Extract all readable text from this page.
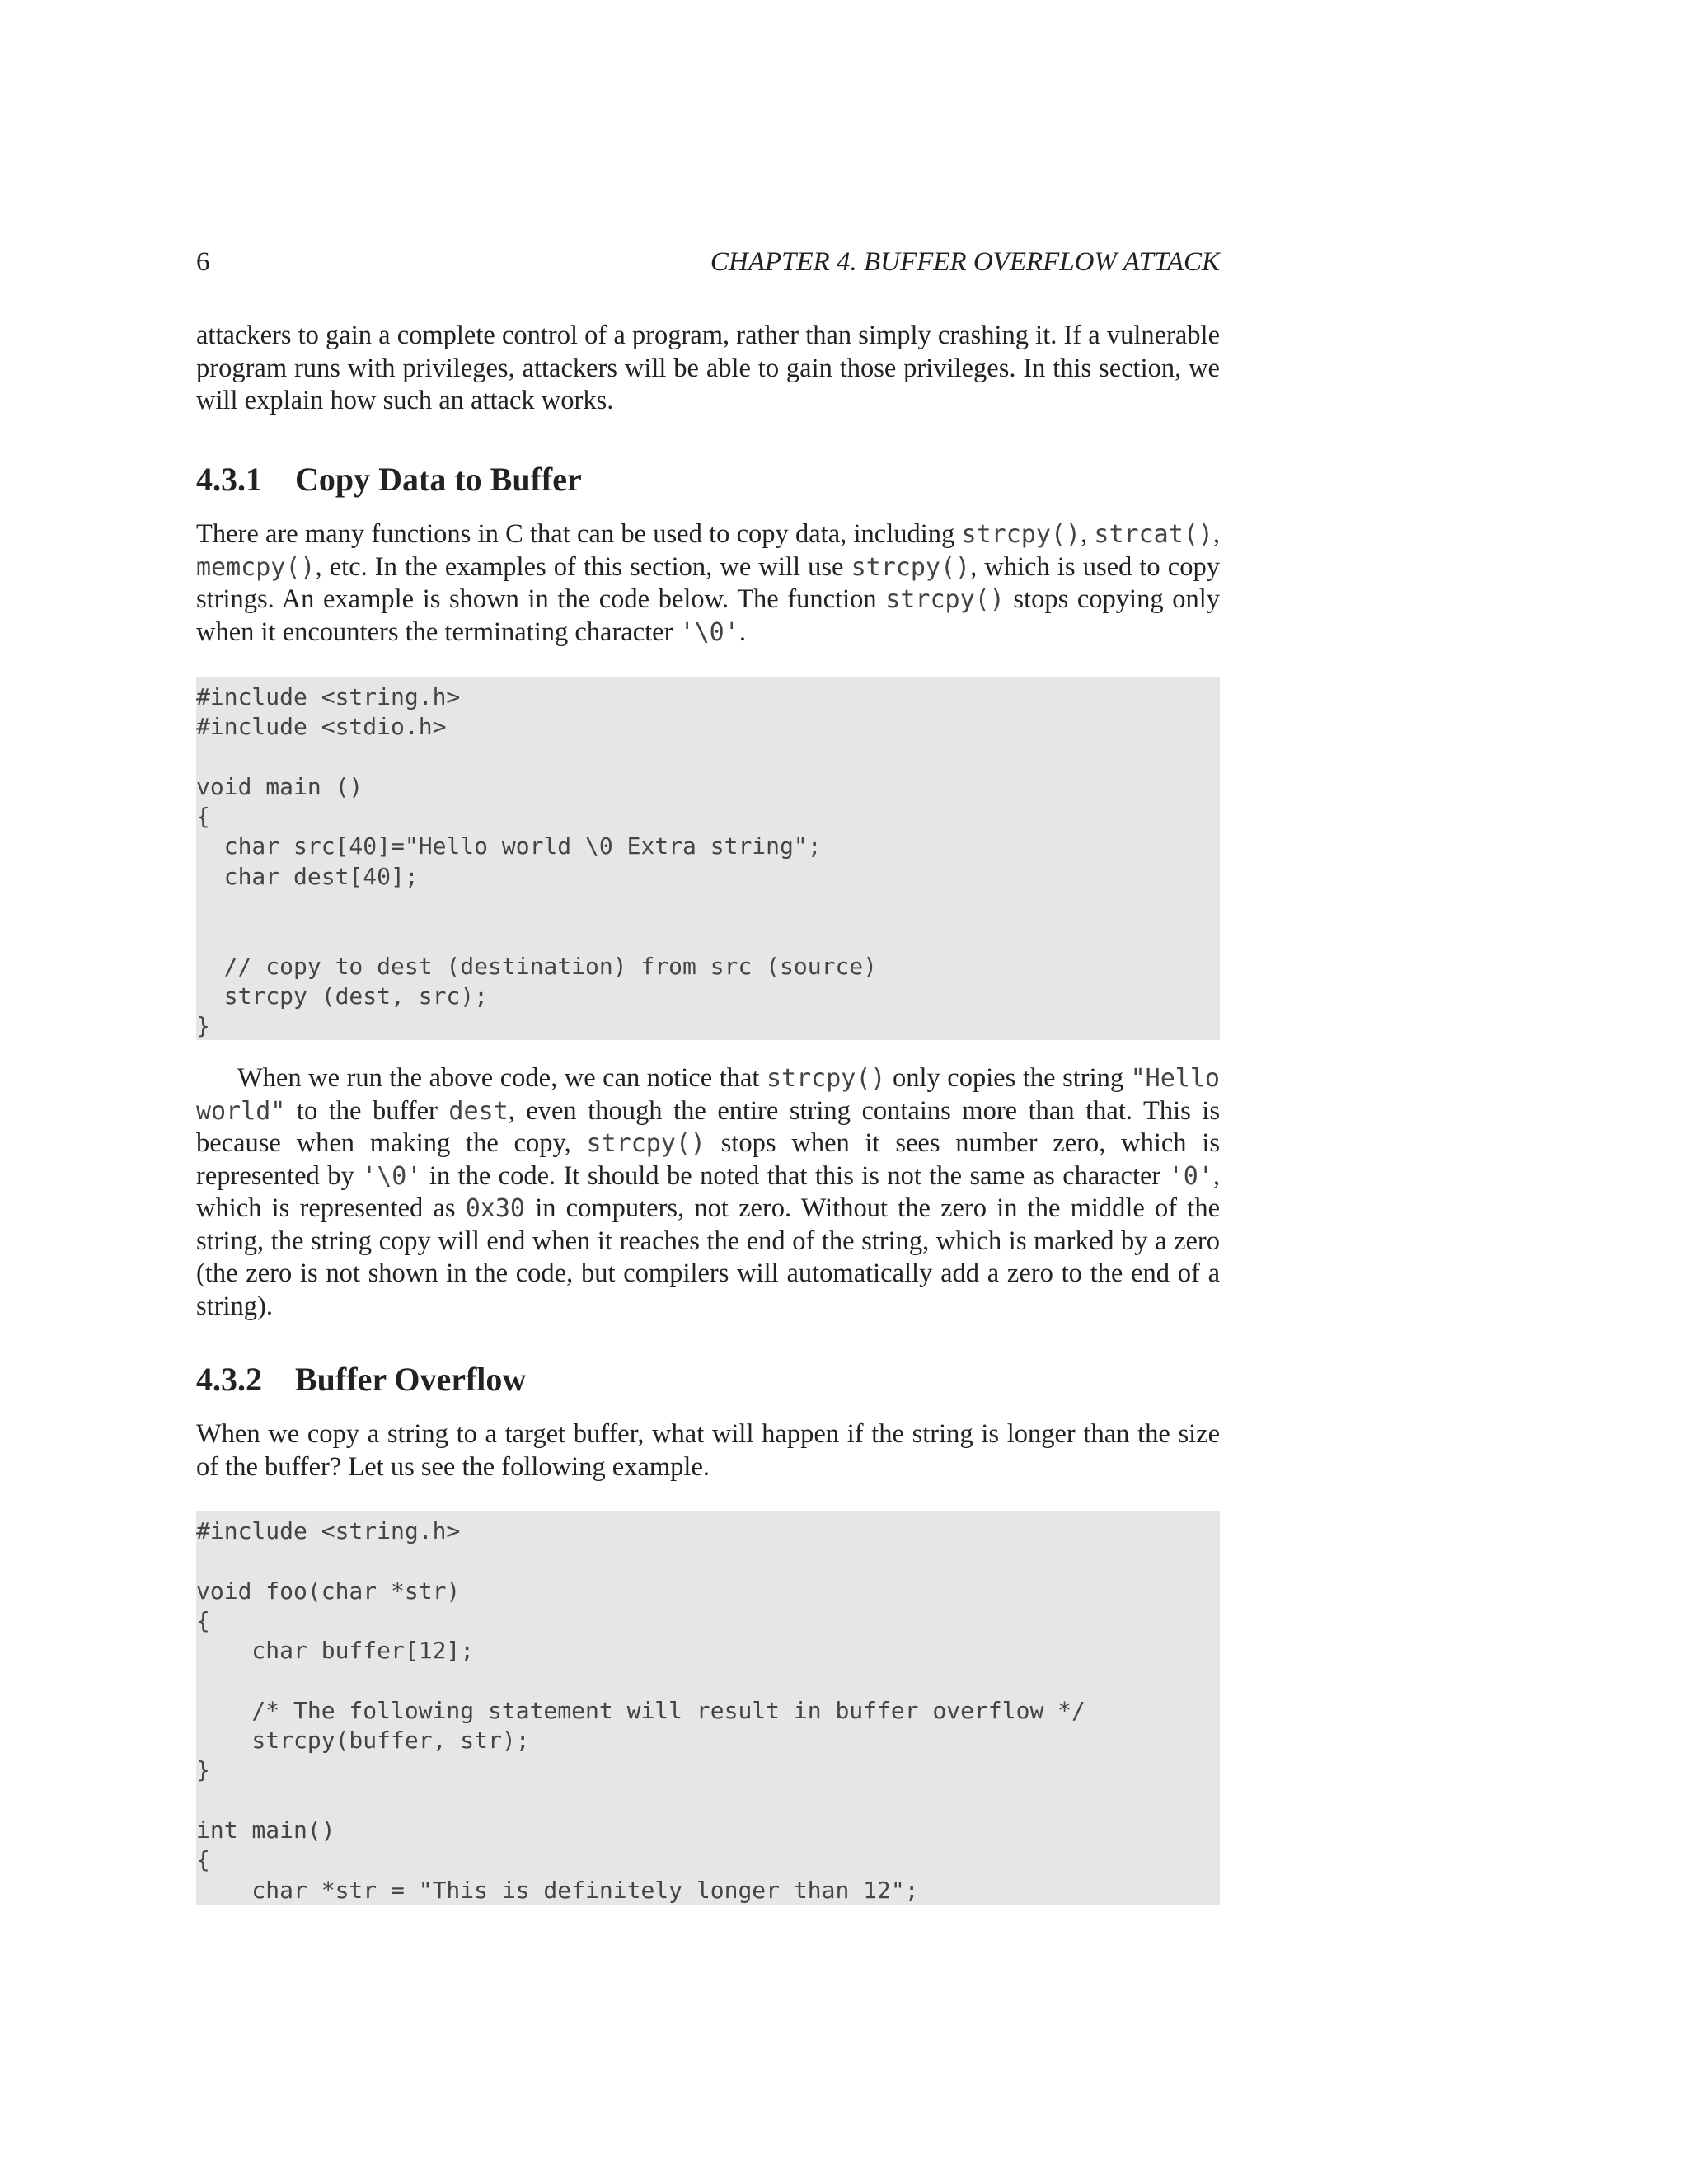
6	CHAPTER 4. BUFFER OVERFLOW ATTACK

attackers to gain a complete control of a program, rather than simply crashing it. If a vulnerable program runs with privileges, attackers will be able to gain those privileges. In this section, we will explain how such an attack works.

4.3.1 Copy Data to Buffer

There are many functions in C that can be used to copy data, including strcpy(), strcat(), memcpy(), etc. In the examples of this section, we will use strcpy(), which is used to copy strings. An example is shown in the code below. The function strcpy() stops copying only when it encounters the terminating character '\0'.

#include <string.h>
#include <stdio.h>
void main ()
{
char src[40]="Hello world \0 Extra string";
char dest[40];
// copy to dest (destination) from src (source)
strcpy (dest, src);
}

When we run the above code, we can notice that strcpy() only copies the string "Hello world" to the buffer dest, even though the entire string contains more than that. This is because when making the copy, strcpy() stops when it sees number zero, which is represented by '\0' in the code. It should be noted that this is not the same as character '0', which is represented as 0x30 in computers, not zero. Without the zero in the middle of the string, the string copy will end when it reaches the end of the string, which is marked by a zero (the zero is not shown in the code, but compilers will automatically add a zero to the end of a string).

4.3.2 Buffer Overflow

When we copy a string to a target buffer, what will happen if the string is longer than the size of the buffer? Let us see the following example.

#include <string.h>
void foo(char *str)
{
char buffer[12];
/* The following statement will result in buffer overflow */
strcpy(buffer, str);
}
int main()
{
char *str = "This is definitely longer than 12";
